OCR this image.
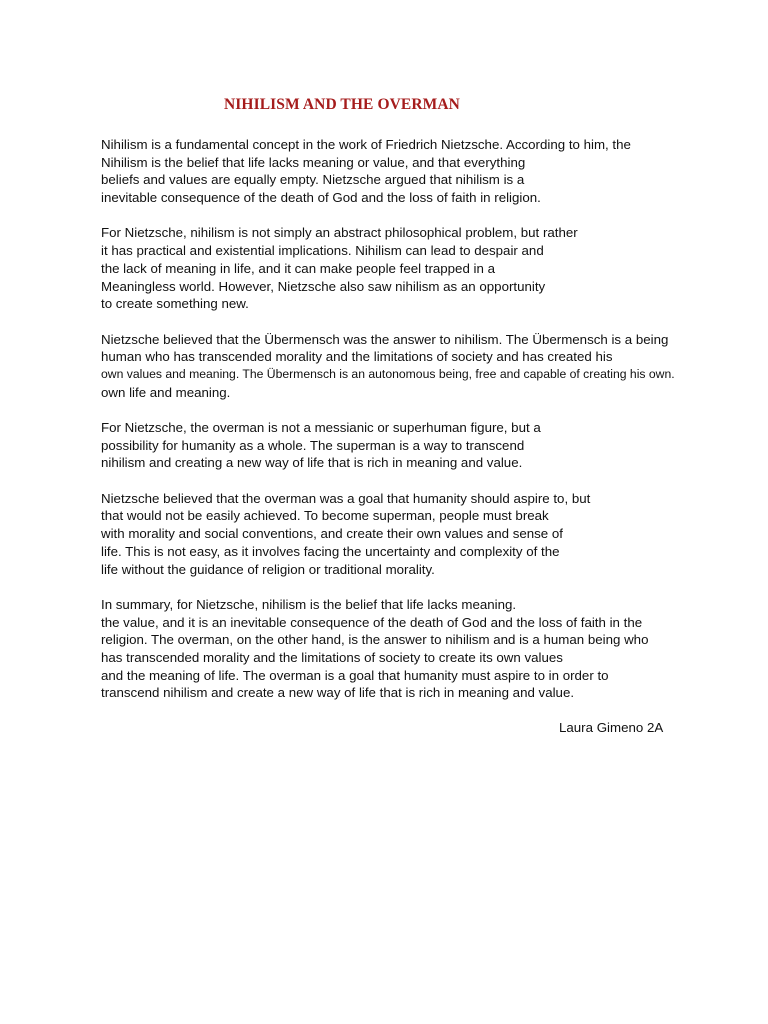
NIHILISM AND THE OVERMAN

Nihilism is a fundamental concept in the work of Friedrich Nietzsche. According to him, the
Nihilism is the belief that life lacks meaning or value, and that everything
beliefs and values are equally empty. Nietzsche argued that nihilism is a
inevitable consequence of the death of God and the loss of faith in religion.

For Nietzsche, nihilism is not simply an abstract philosophical problem, but rather
it has practical and existential implications. Nihilism can lead to despair and
the lack of meaning in life, and it can make people feel trapped in a
Meaningless world. However, Nietzsche also saw nihilism as an opportunity
to create something new.

Nietzsche believed that the Übermensch was the answer to nihilism. The Übermensch is a being
human who has transcended morality and the limitations of society and has created his
own values and meaning. The Übermensch is an autonomous being, free and capable of creating his own.
own life and meaning.

For Nietzsche, the overman is not a messianic or superhuman figure, but a
possibility for humanity as a whole. The superman is a way to transcend
nihilism and creating a new way of life that is rich in meaning and value.

Nietzsche believed that the overman was a goal that humanity should aspire to, but
that would not be easily achieved. To become superman, people must break
with morality and social conventions, and create their own values and sense of
life. This is not easy, as it involves facing the uncertainty and complexity of the
life without the guidance of religion or traditional morality.

In summary, for Nietzsche, nihilism is the belief that life lacks meaning.
the value, and it is an inevitable consequence of the death of God and the loss of faith in the
religion. The overman, on the other hand, is the answer to nihilism and is a human being who
has transcended morality and the limitations of society to create its own values
and the meaning of life. The overman is a goal that humanity must aspire to in order to
transcend nihilism and create a new way of life that is rich in meaning and value.

Laura Gimeno 2A
